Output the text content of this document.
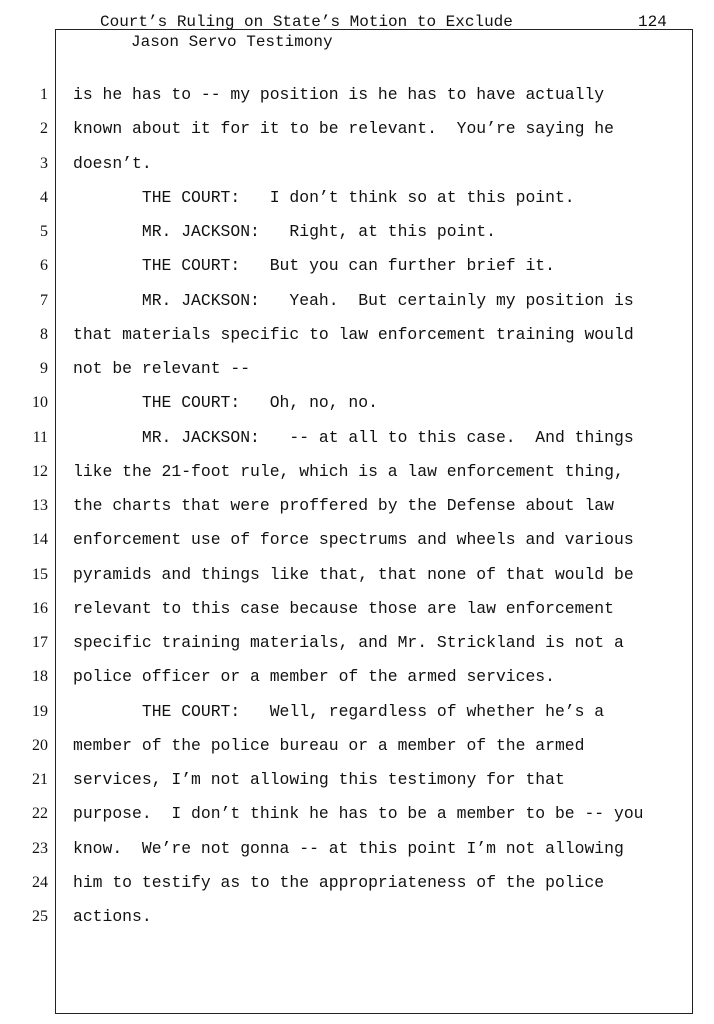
Court’s Ruling on State’s Motion to Exclude
Jason Servo Testimony
124
1 is he has to -- my position is he has to have actually
2 known about it for it to be relevant.  You’re saying he
3 doesn’t.
4 THE COURT:   I don’t think so at this point.
5 MR. JACKSON:   Right, at this point.
6 THE COURT:   But you can further brief it.
7 MR. JACKSON:   Yeah.  But certainly my position is
8 that materials specific to law enforcement training would
9 not be relevant --
10 THE COURT:   Oh, no, no.
11 MR. JACKSON:   -- at all to this case.  And things
12 like the 21-foot rule, which is a law enforcement thing,
13 the charts that were proffered by the Defense about law
14 enforcement use of force spectrums and wheels and various
15 pyramids and things like that, that none of that would be
16 relevant to this case because those are law enforcement
17 specific training materials, and Mr. Strickland is not a
18 police officer or a member of the armed services.
19 THE COURT:   Well, regardless of whether he’s a
20 member of the police bureau or a member of the armed
21 services, I’m not allowing this testimony for that
22 purpose.  I don’t think he has to be a member to be -- you
23 know.  We’re not gonna -- at this point I’m not allowing
24 him to testify as to the appropriateness of the police
25 actions.
